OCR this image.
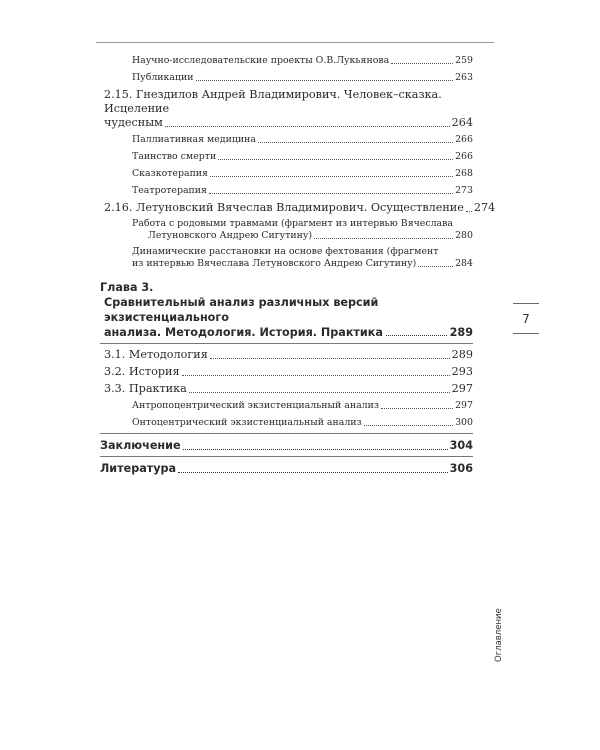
Научно-исследовательские проекты О.В.Лукьянова	259
Публикации	263
2.15. Гнездилов Андрей Владимирович. Человек–сказка. Исцеление
чудесным	264
Паллиативная медицина	266
Таинство смерти	266
Сказкотерапия	268
Театротерапия	273
2.16. Летуновский Вячеслав Владимирович. Осуществление 274
Работа с родовыми травмами (фрагмент из интервью Вячеслава
Летуновского Андрею Сигутину)	280
Динамические расстановки на основе фехтования (фрагмент
из интервью Вячеслава Летуновского Андрею Сигутину)	284
Глава 3.
Сравнительный анализ различных версий экзистенциального
анализа. Методология. История. Практика	289
3.1. Методология	289
3.2. История	293
3.3. Практика	297
Антропоцентрический экзистенциальный анализ	297
Онтоцентрический экзистенциальный анализ	300
Заключение	304
Литература	306
7
Оглавление
